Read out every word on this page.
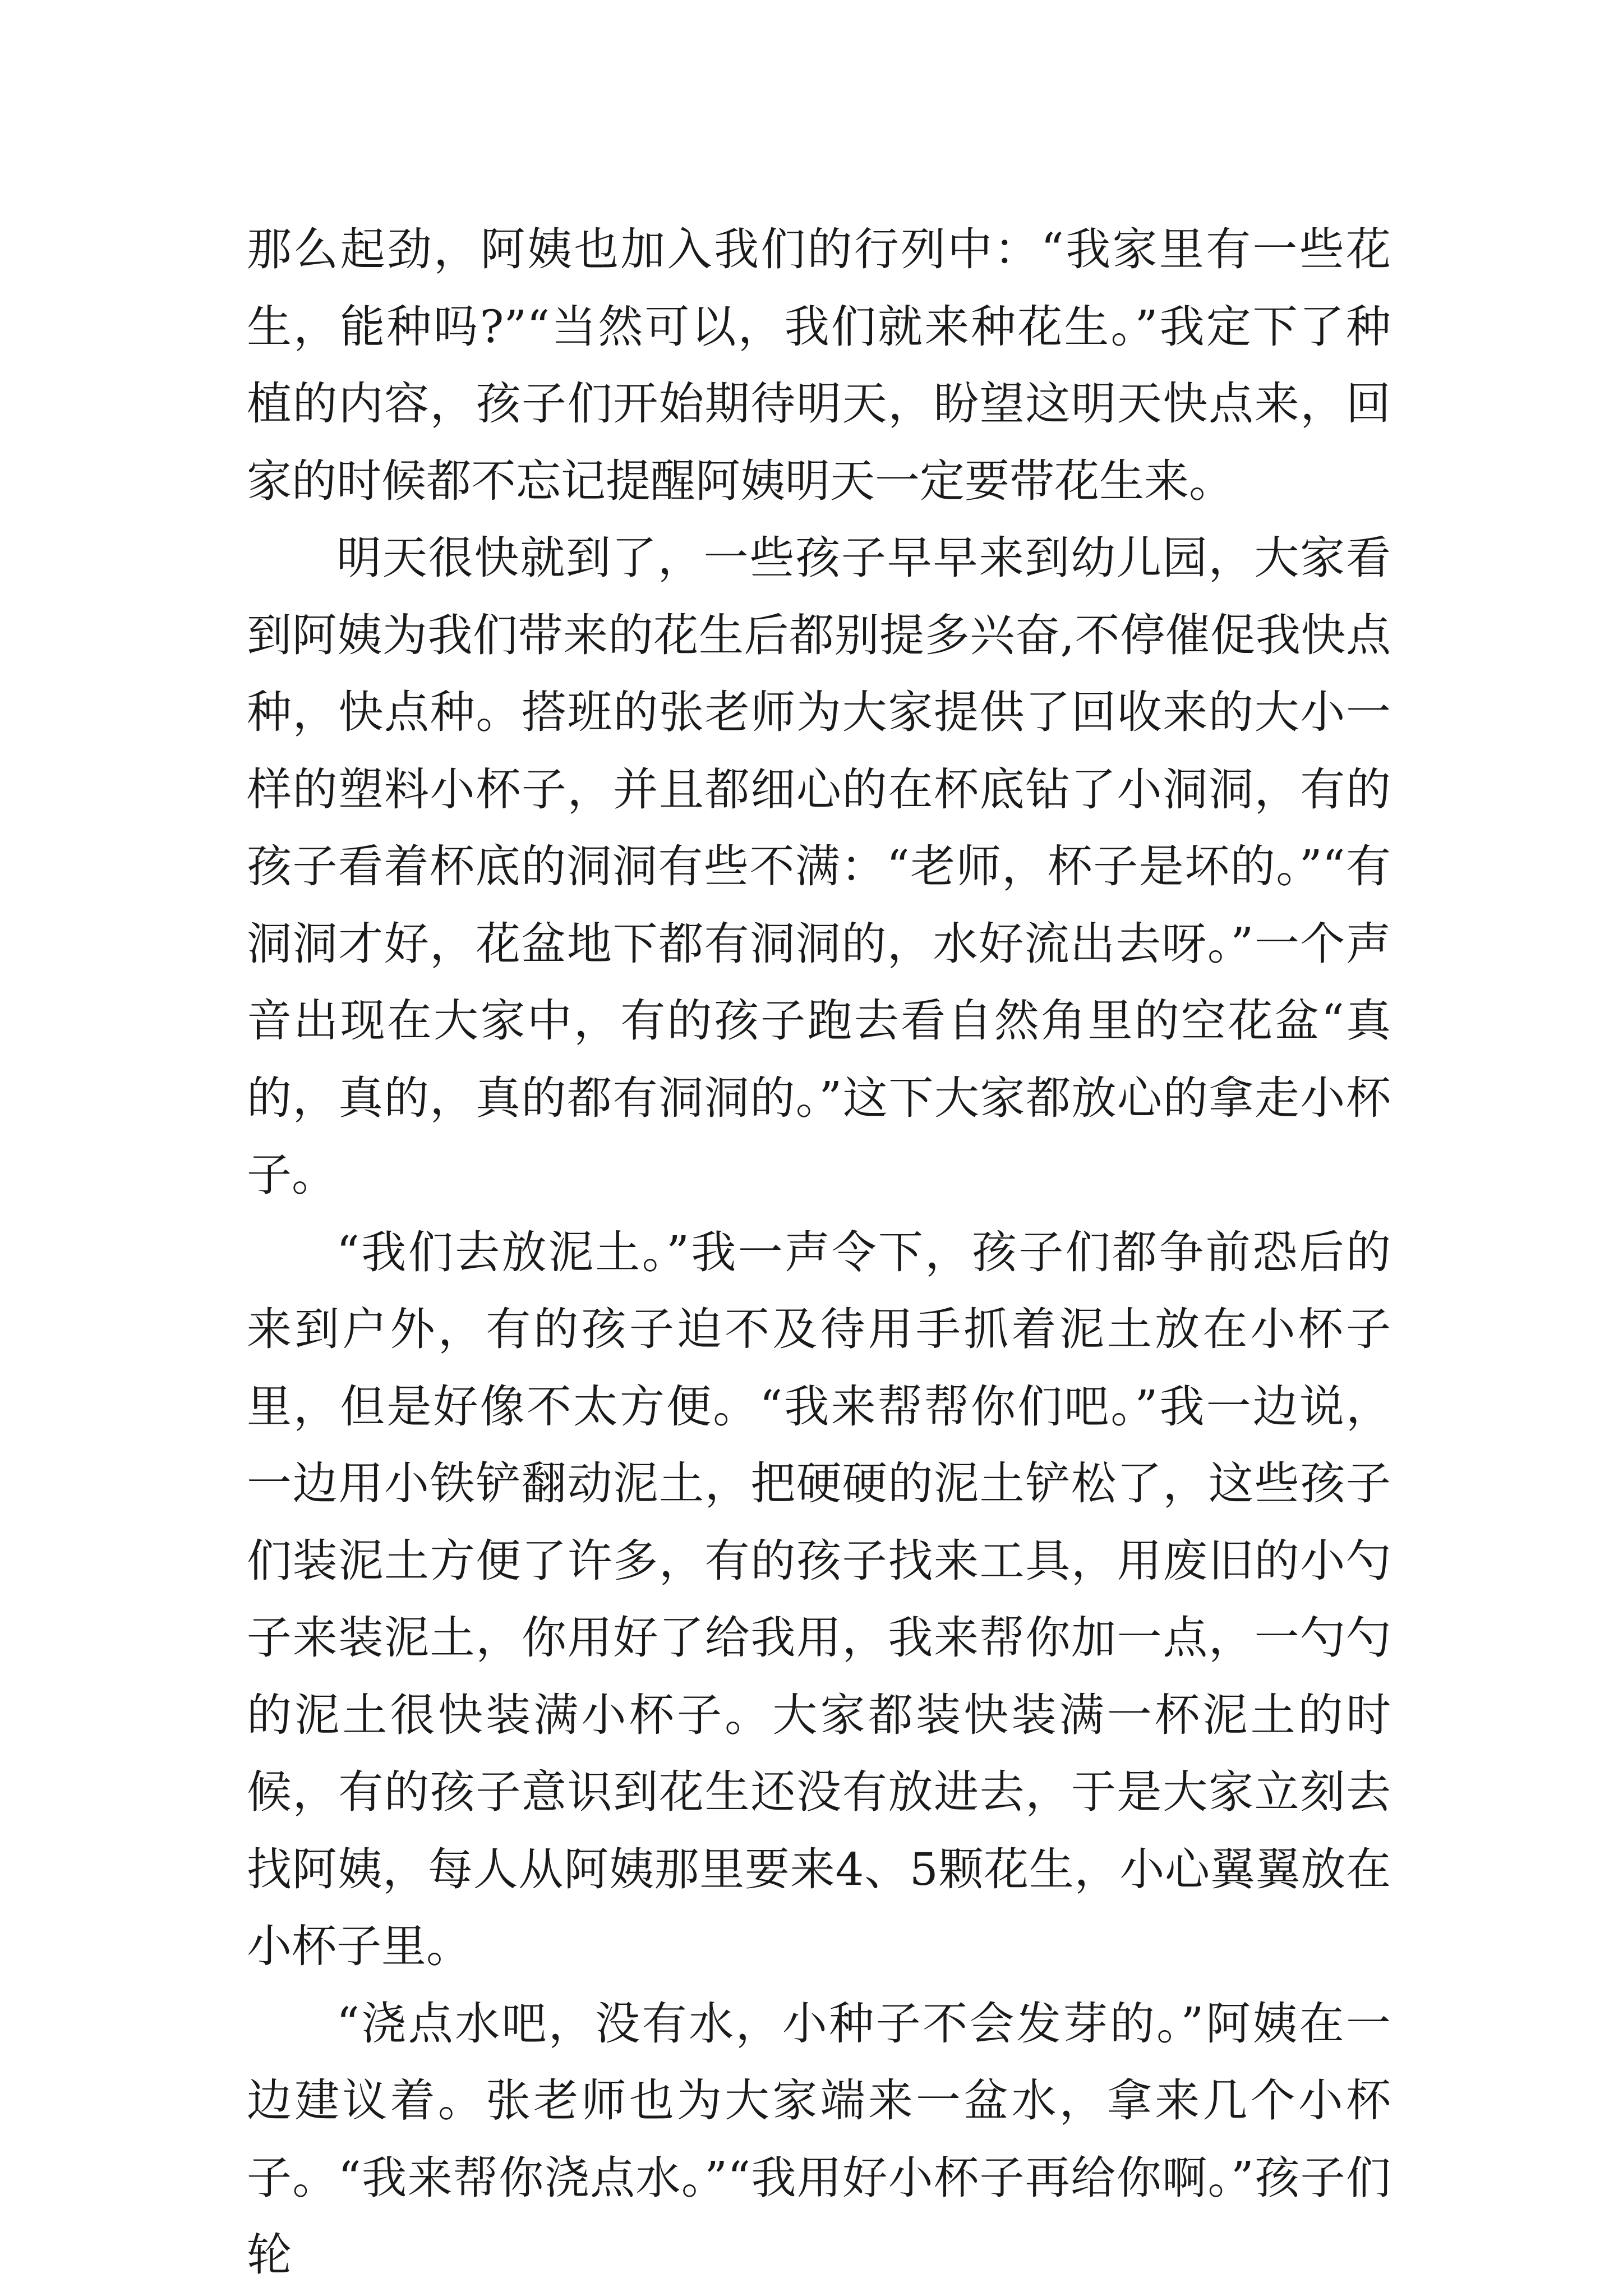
那么起劲，阿姨也加入我们的行列中：“我家里有一些花生，能种吗?”“当然可以，我们就来种花生。”我定下了种植的内容，孩子们开始期待明天，盼望这明天快点来，回家的时候都不忘记提醒阿姨明天一定要带花生来。

明天很快就到了，一些孩子早早来到幼儿园，大家看到阿姨为我们带来的花生后都别提多兴奋,不停催促我快点种，快点种。搭班的张老师为大家提供了回收来的大小一样的塑料小杯子，并且都细心的在杯底钻了小洞洞，有的孩子看着杯底的洞洞有些不满：“老师，杯子是坏的。”“有洞洞才好，花盆地下都有洞洞的，水好流出去呀。”一个声音出现在大家中，有的孩子跑去看自然角里的空花盆“真的，真的，真的都有洞洞的。”这下大家都放心的拿走小杯子。

“我们去放泥土。”我一声令下，孩子们都争前恐后的来到户外，有的孩子迫不及待用手抓着泥土放在小杯子里，但是好像不太方便。“我来帮帮你们吧。”我一边说，一边用小铁铲翻动泥土，把硬硬的泥土铲松了，这些孩子们装泥土方便了许多，有的孩子找来工具，用废旧的小勺子来装泥土，你用好了给我用，我来帮你加一点，一勺勺的泥土很快装满小杯子。大家都装快装满一杯泥土的时候，有的孩子意识到花生还没有放进去，于是大家立刻去找阿姨，每人从阿姨那里要来4、5颗花生，小心翼翼放在小杯子里。

“浇点水吧，没有水，小种子不会发芽的。”阿姨在一边建议着。张老师也为大家端来一盆水，拿来几个小杯子。“我来帮你浇点水。”“我用好小杯子再给你啊。”孩子们轮
